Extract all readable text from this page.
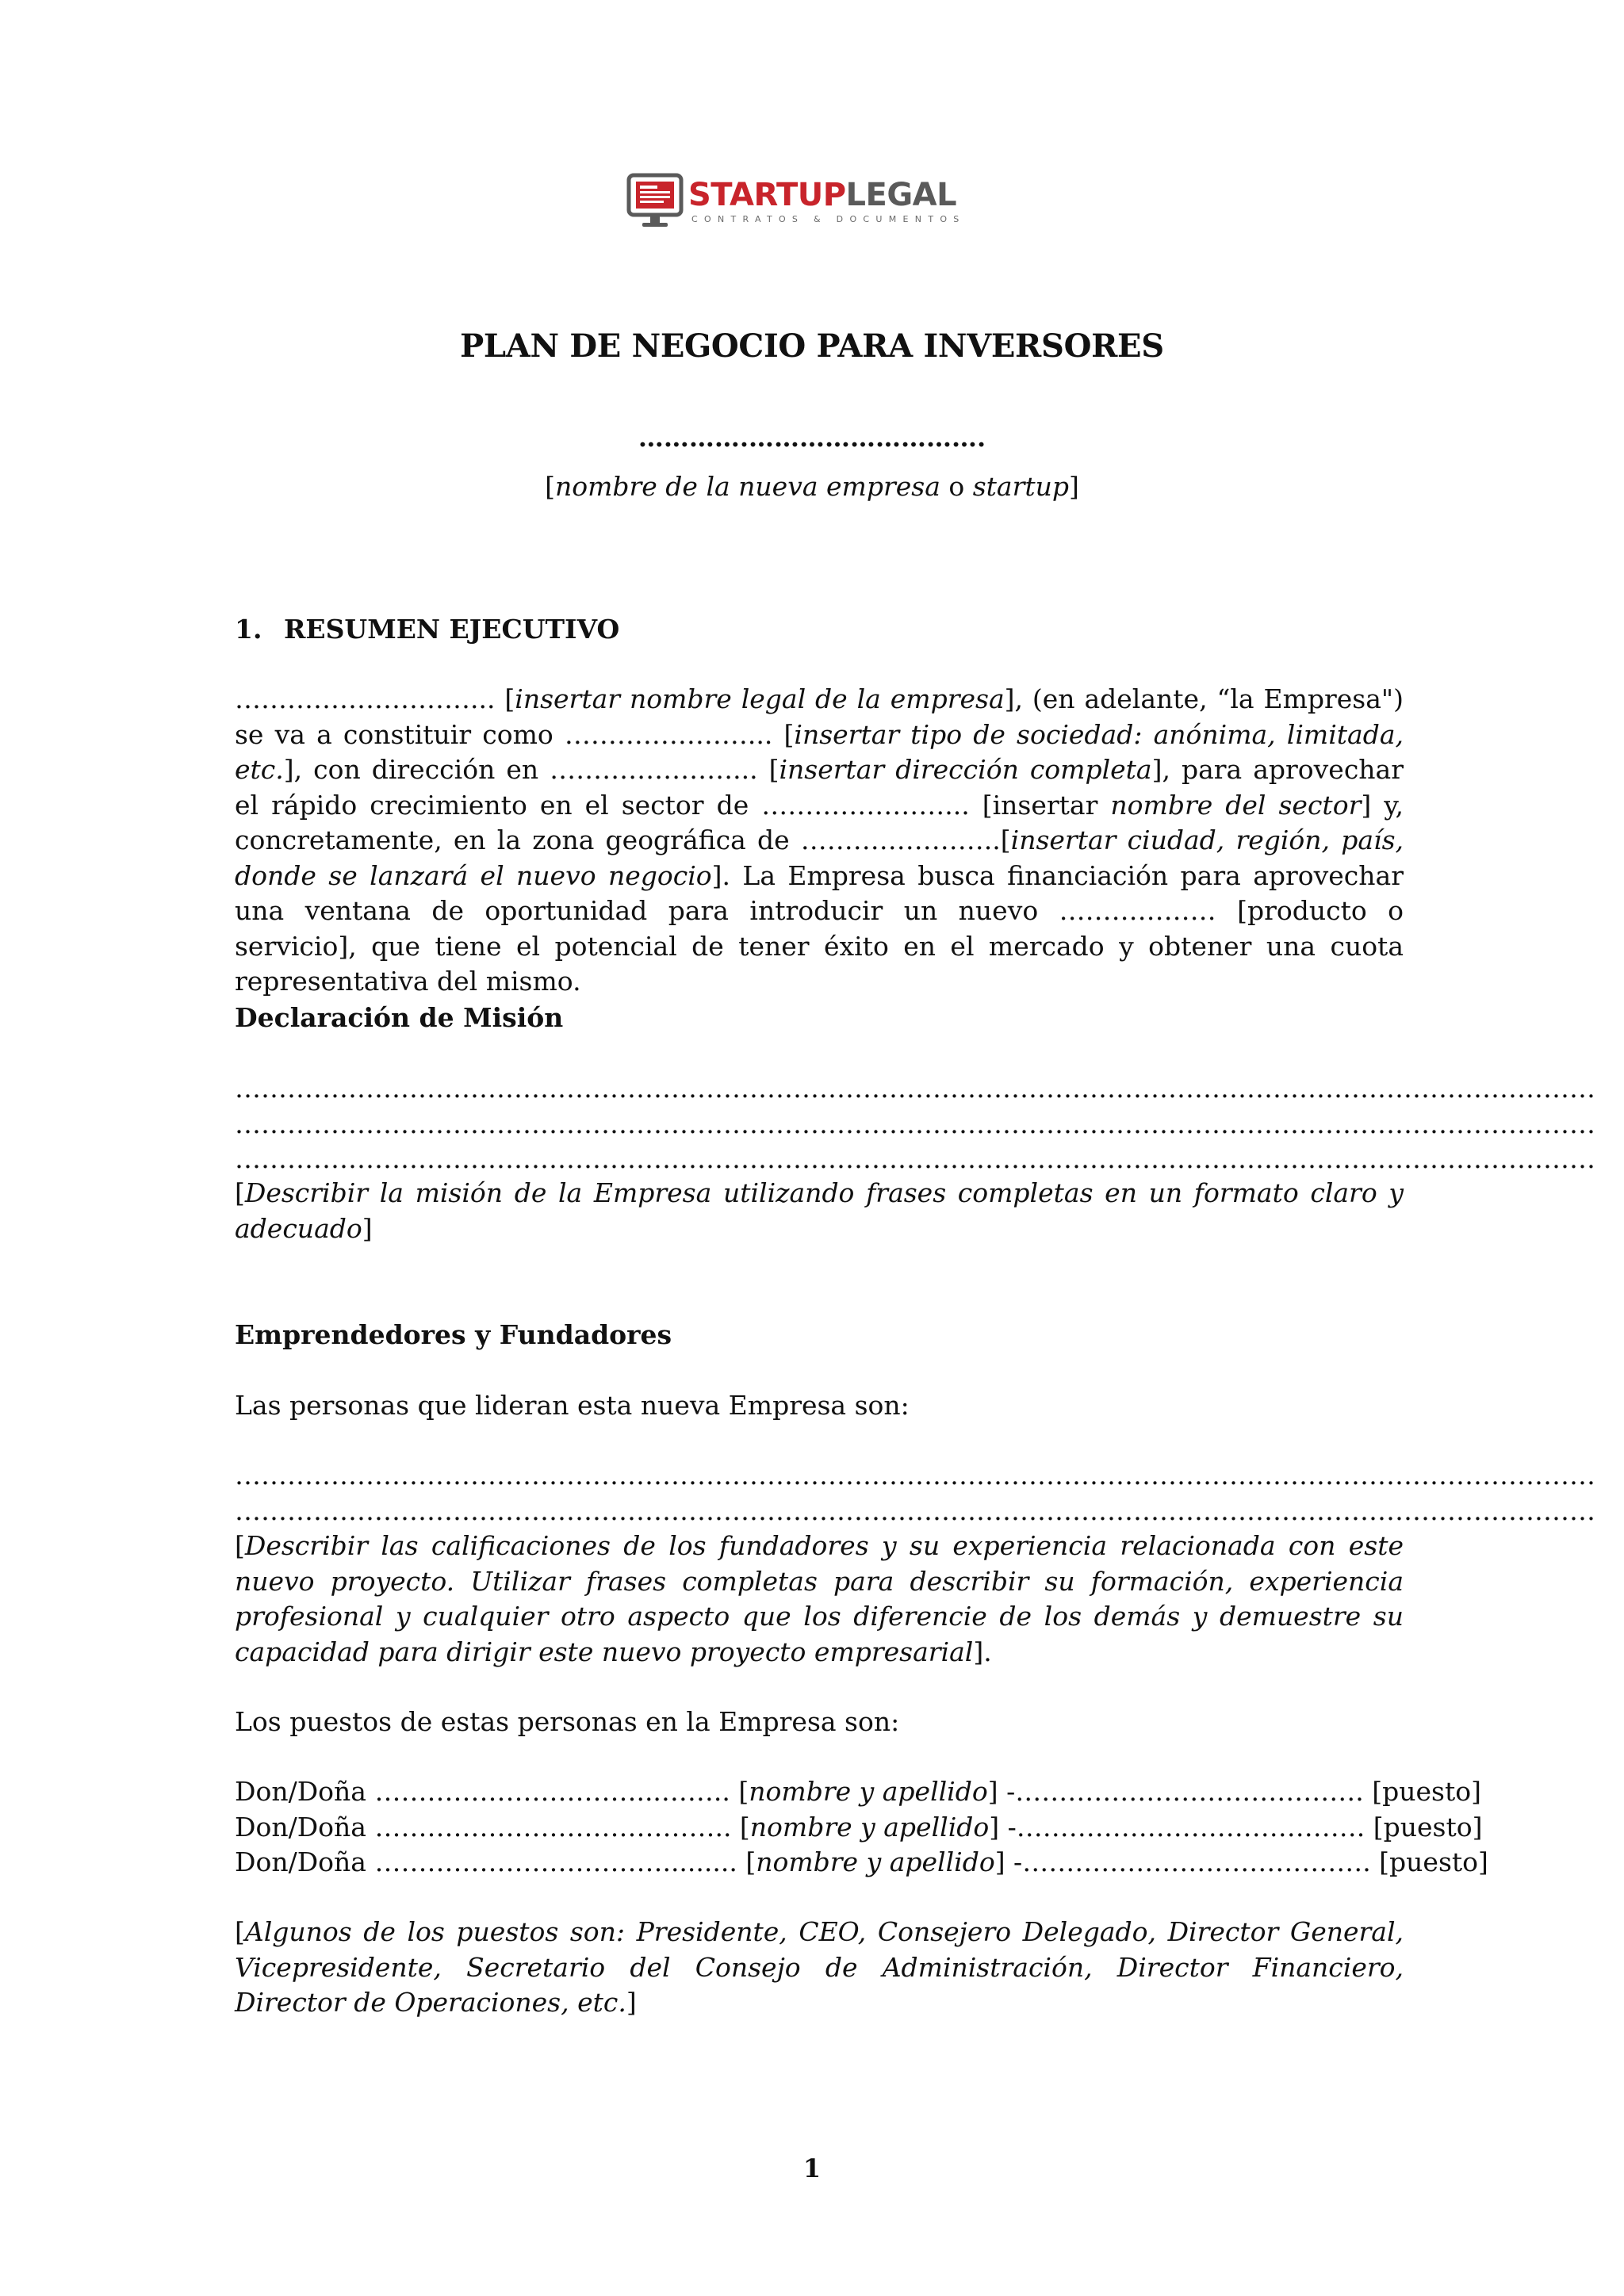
STARTUPLEGAL
CONTRATOS & DOCUMENTOS
PLAN DE NEGOCIO PARA INVERSORES
………….……………………….
[nombre de la nueva empresa o startup]
1. RESUMEN EJECUTIVO
………………………... [insertar nombre legal de la empresa], (en adelante, “la Empresa") se va a constituir como …………………... [insertar tipo de sociedad: anónima, limitada, etc.], con dirección en …………………... [insertar dirección completa], para aprovechar el rápido crecimiento en el sector de …………………... [insertar nombre del sector] y, concretamente, en la zona geográfica de …………………..[insertar ciudad, región, país, donde se lanzará el nuevo negocio]. La Empresa busca financiación para aprovechar una ventana de oportunidad para introducir un nuevo ……………… [producto o servicio], que tiene el potencial de tener éxito en el mercado y obtener una cuota representativa del mismo.
Declaración de Misión
…………………………………………………………………………………………………………………………………………
…………………………………………………………………………………………………………………………………………
…………………………………………………………………………………………………………………………………………
[Describir la misión de la Empresa utilizando frases completas en un formato claro y adecuado]
Emprendedores y Fundadores
Las personas que lideran esta nueva Empresa son:
…………………………………………………………………………………………………………………………………………
…………………………………………………………………………………………………………………………………………
[Describir las calificaciones de los fundadores y su experiencia relacionada con este nuevo proyecto. Utilizar frases completas para describir su formación, experiencia profesional y cualquier otro aspecto que los diferencie de los demás y demuestre su capacidad para dirigir este nuevo proyecto empresarial].
Los puestos de estas personas en la Empresa son:
Don/Doña …………………………...…….. [nombre y apellido] - …………………………………. [puesto]
Don/Doña ………………………………….. [nombre y apellido] - …………………………………. [puesto]
Don/Doña ……………………………......... [nombre y apellido] - …………………………………. [puesto]
[Algunos de los puestos son: Presidente, CEO, Consejero Delegado, Director General, Vicepresidente, Secretario del Consejo de Administración, Director Financiero, Director de Operaciones, etc.]
1
